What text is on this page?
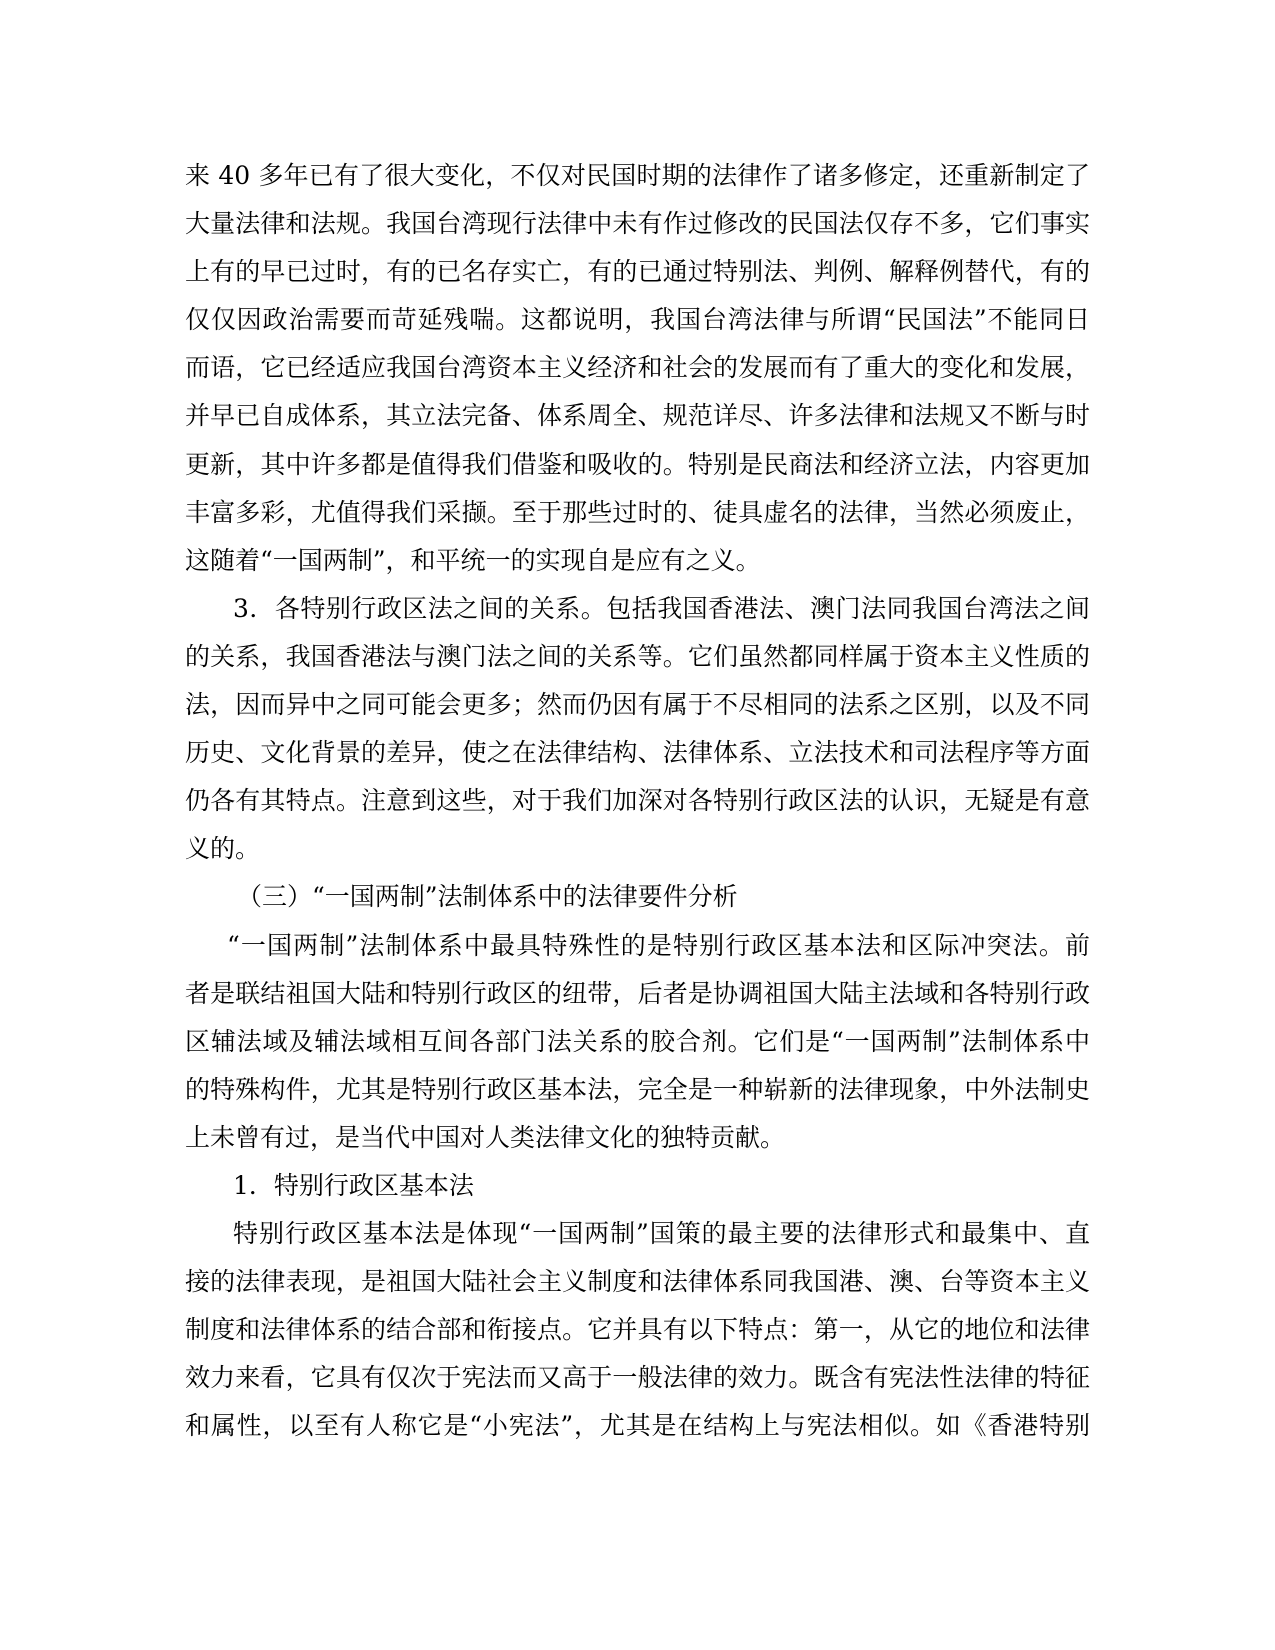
来 40 多年已有了很大变化，不仅对民国时期的法律作了诸多修定，还重新制定了
大量法律和法规。我国台湾现行法律中未有作过修改的民国法仅存不多，它们事实
上有的早已过时，有的已名存实亡，有的已通过特别法、判例、解释例替代，有的
仅仅因政治需要而苛延残喘。这都说明，我国台湾法律与所谓“民国法”不能同日
而语，它已经适应我国台湾资本主义经济和社会的发展而有了重大的变化和发展，
并早已自成体系，其立法完备、体系周全、规范详尽、许多法律和法规又不断与时
更新，其中许多都是值得我们借鉴和吸收的。特别是民商法和经济立法，内容更加
丰富多彩，尤值得我们采撷。至于那些过时的、徒具虚名的法律，当然必须废止，
这随着“一国两制”，和平统一的实现自是应有之义。
3．各特别行政区法之间的关系。包括我国香港法、澳门法同我国台湾法之间
的关系，我国香港法与澳门法之间的关系等。它们虽然都同样属于资本主义性质的
法，因而异中之同可能会更多；然而仍因有属于不尽相同的法系之区别，以及不同
历史、文化背景的差异，使之在法律结构、法律体系、立法技术和司法程序等方面
仍各有其特点。注意到这些，对于我们加深对各特别行政区法的认识，无疑是有意
义的。
（三）“一国两制”法制体系中的法律要件分析
“一国两制”法制体系中最具特殊性的是特别行政区基本法和区际冲突法。前
者是联结祖国大陆和特别行政区的纽带，后者是协调祖国大陆主法域和各特别行政
区辅法域及辅法域相互间各部门法关系的胶合剂。它们是“一国两制”法制体系中
的特殊构件，尤其是特别行政区基本法，完全是一种崭新的法律现象，中外法制史
上未曾有过，是当代中国对人类法律文化的独特贡献。
1．特别行政区基本法
特别行政区基本法是体现“一国两制”国策的最主要的法律形式和最集中、直
接的法律表现，是祖国大陆社会主义制度和法律体系同我国港、澳、台等资本主义
制度和法律体系的结合部和衔接点。它并具有以下特点：第一，从它的地位和法律
效力来看，它具有仅次于宪法而又高于一般法律的效力。既含有宪法性法律的特征
和属性，以至有人称它是“小宪法”，尤其是在结构上与宪法相似。如《香港特别
